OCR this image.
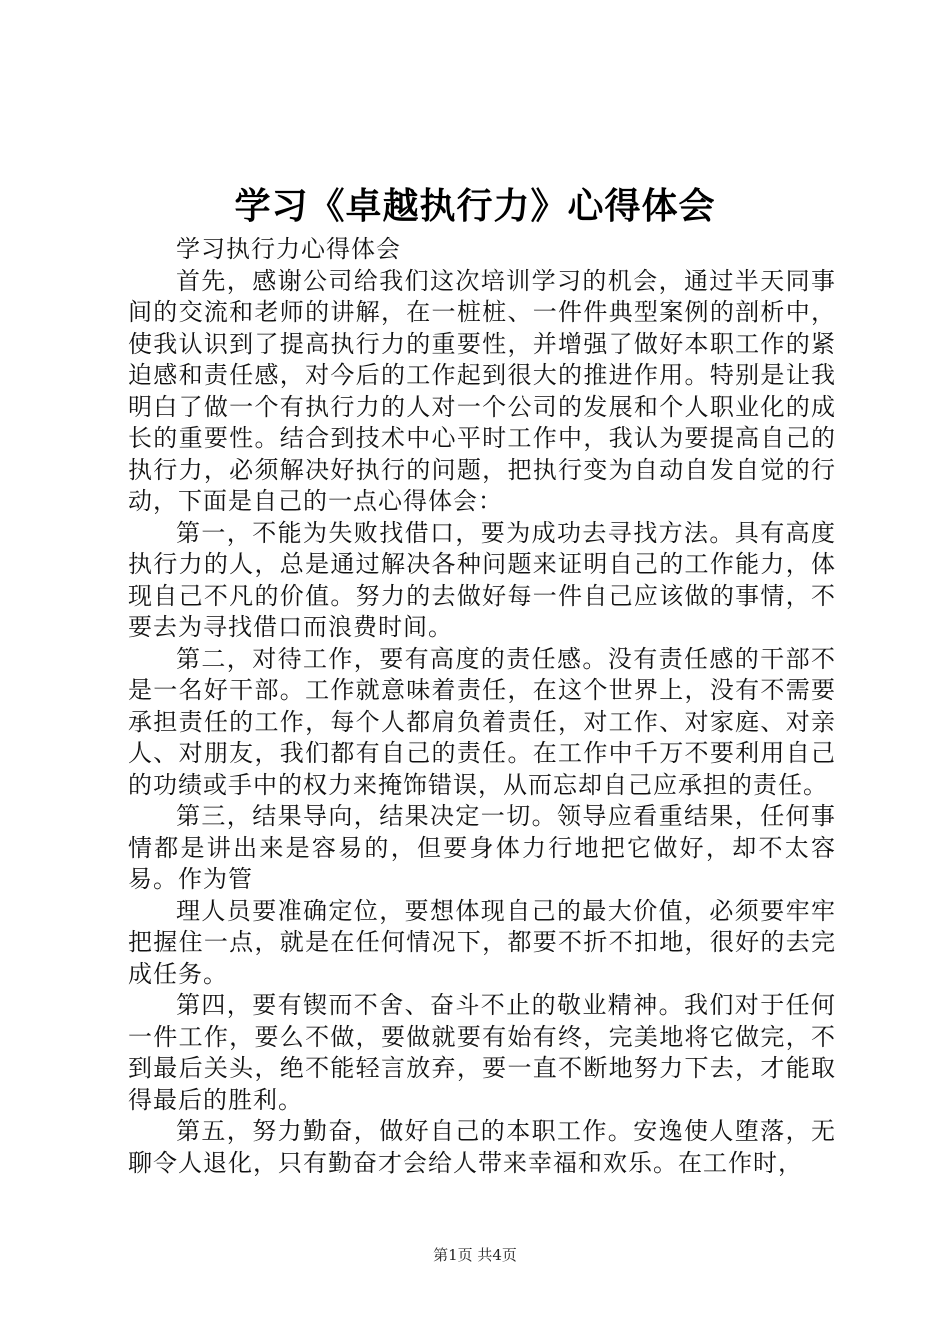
学习《卓越执行力》心得体会

学习执行力心得体会

首先，感谢公司给我们这次培训学习的机会，通过半天同事间的交流和老师的讲解，在一桩桩、一件件典型案例的剖析中，使我认识到了提高执行力的重要性，并增强了做好本职工作的紧迫感和责任感，对今后的工作起到很大的推进作用。特别是让我明白了做一个有执行力的人对一个公司的发展和个人职业化的成长的重要性。结合到技术中心平时工作中，我认为要提高自己的执行力，必须解决好执行的问题，把执行变为自动自发自觉的行动，下面是自己的一点心得体会：

第一，不能为失败找借口，要为成功去寻找方法。具有高度执行力的人，总是通过解决各种问题来证明自己的工作能力，体现自己不凡的价值。努力的去做好每一件自己应该做的事情，不要去为寻找借口而浪费时间。

第二，对待工作，要有高度的责任感。没有责任感的干部不是一名好干部。工作就意味着责任，在这个世界上，没有不需要承担责任的工作，每个人都肩负着责任，对工作、对家庭、对亲人、对朋友，我们都有自己的责任。在工作中千万不要利用自己的功绩或手中的权力来掩饰错误，从而忘却自己应承担的责任。

第三，结果导向，结果决定一切。领导应看重结果，任何事情都是讲出来是容易的，但要身体力行地把它做好，却不太容易。作为管

理人员要准确定位，要想体现自己的最大价值，必须要牢牢把握住一点，就是在任何情况下，都要不折不扣地，很好的去完成任务。

第四，要有锲而不舍、奋斗不止的敬业精神。我们对于任何一件工作，要么不做，要做就要有始有终，完美地将它做完，不到最后关头，绝不能轻言放弃，要一直不断地努力下去，才能取得最后的胜利。

第五，努力勤奋，做好自己的本职工作。安逸使人堕落，无聊令人退化，只有勤奋才会给人带来幸福和欢乐。在工作时，

第1页 共4页
